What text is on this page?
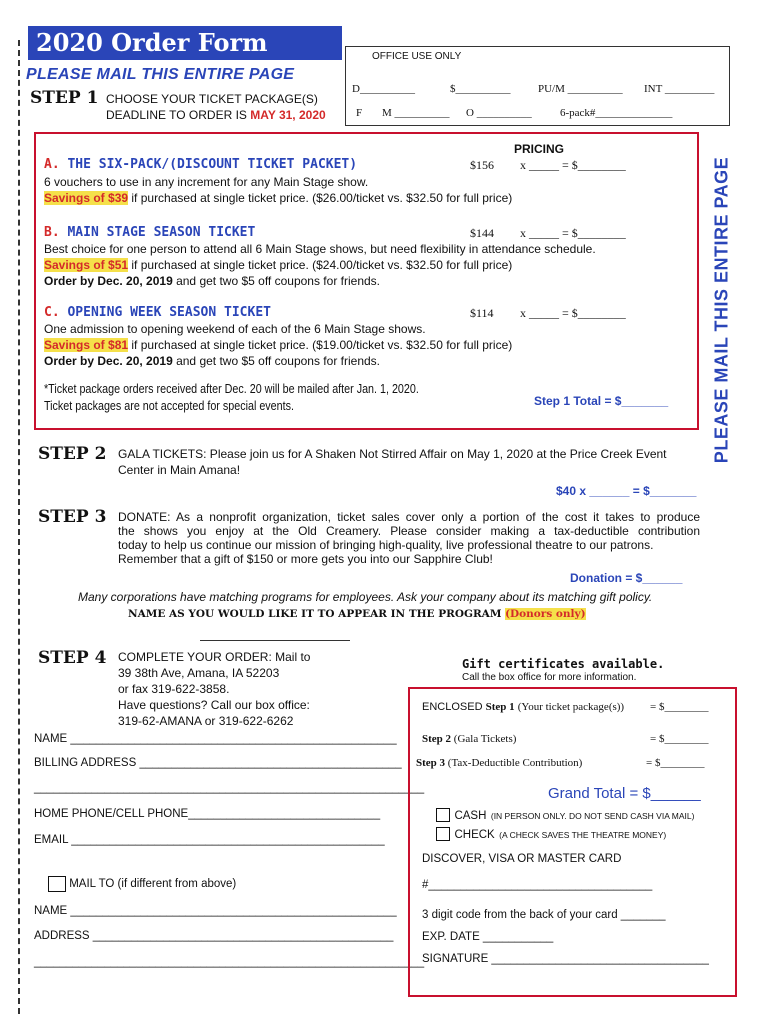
2020 Order Form
PLEASE MAIL THIS ENTIRE PAGE
STEP 1 CHOOSE YOUR TICKET PACKAGE(S)
DEADLINE TO ORDER IS MAY 31, 2020
OFFICE USE ONLY
D__________	$__________	PU/M __________ INT _________
F M __________ O __________	6-pack#______________
PRICING
A. THE SIX-PACK/(DISCOUNT TICKET PACKET)	$156 x _____ = $________
6 vouchers to use in any increment for any Main Stage show.
Savings of $39 if purchased at single ticket price. ($26.00/ticket vs. $32.50 for full price)
B. MAIN STAGE SEASON TICKET	$144 x _____ = $________
Best choice for one person to attend all 6 Main Stage shows, but need flexibility in attendance schedule.
Savings of $51 if purchased at single ticket price. ($24.00/ticket vs. $32.50 for full price)
Order by Dec. 20, 2019 and get two $5 off coupons for friends.
C. OPENING WEEK SEASON TICKET	$114 x _____ = $________
One admission to opening weekend of each of the 6 Main Stage shows.
Savings of $81 if purchased at single ticket price. ($19.00/ticket vs. $32.50 for full price)
Order by Dec. 20, 2019 and get two $5 off coupons for friends.
*Ticket package orders received after Dec. 20 will be mailed after Jan. 1, 2020.
Ticket packages are not accepted for special events.	Step 1 Total = $_______ PLEASE MAIL THIS ENTIRE PAGE
STEP 2 GALA TICKETS: Please join us for A Shaken Not Stirred Affair on May 1, 2020 at the Price Creek Event
Center in Main Amana!
$40 x ______ = $_______
STEP 3 DONATE: As a nonprofit organization, ticket sales cover only a portion of the cost it takes to produce
the shows you enjoy at the Old Creamery. Please consider making a tax-deductible contribution
today to help us continue our mission of bringing high-quality, live professional theatre to our patrons.
Remember that a gift of $150 or more gets you into our Sapphire Club!
Donation = $______
Many corporations have matching programs for employees. Ask your company about its matching gift policy.
NAME AS YOU WOULD LIKE IT TO APPEAR IN THE PROGRAM (Donors only)
STEP 4 COMPLETE YOUR ORDER: Mail to
39 38th Ave, Amana, IA 52203
or fax 319-622-3858.
Have questions? Call our box office:
319-62-AMANA or 319-622-6262
Gift certificates available.
Call the box office for more information.
NAME ___________________________________________________
BILLING ADDRESS _________________________________________
_____________________________________________________________
HOME PHONE/CELL PHONE______________________________
EMAIL _________________________________________________
MAIL TO (if different from above)
NAME ___________________________________________________
ADDRESS _______________________________________________
_____________________________________________________________
ENCLOSED Step 1 (Your ticket package(s)) = $________
Step 2 (Gala Tickets)	= $________
Step 3 (Tax-Deductible Contribution)	= $________
Grand Total = $______
CASH (IN PERSON ONLY. DO NOT SEND CASH VIA MAIL)
CHECK (A CHECK SAVES THE THEATRE MONEY)
DISCOVER, VISA OR MASTER CARD
#___________________________________
3 digit code from the back of your card _______
EXP. DATE ___________
SIGNATURE __________________________________
